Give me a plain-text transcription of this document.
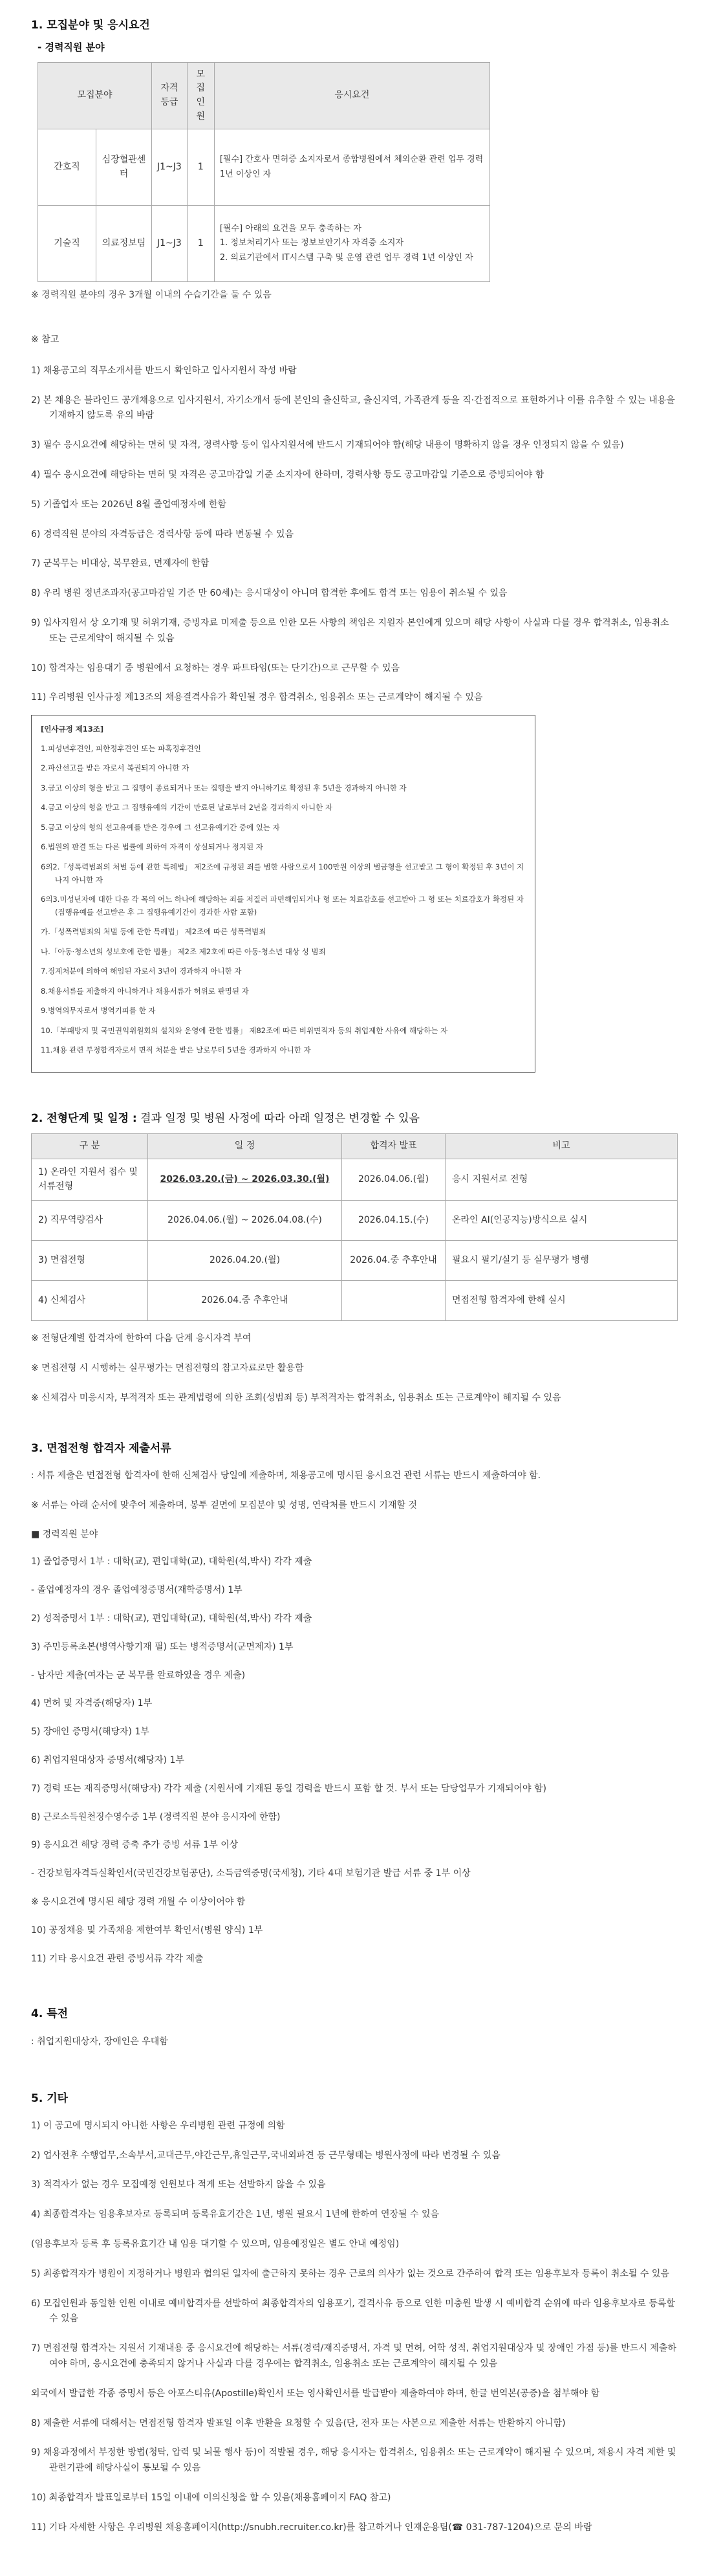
1. 모집분야 및 응시요건
- 경력직원 분야
모집분야		자격등급	모집인원	응시요건
간호직	심장혈관센터	J1~J3	1	[필수] 간호사 면허증 소지자로서 종합병원에서 체외순환 관련 업무 경력 1년 이상인 자
기술직	의료정보팀	J1~J3	1	[필수] 아래의 요건을 모두 충족하는 자
1. 정보처리기사 또는 정보보안기사 자격증 소지자
2. 의료기관에서 IT시스템 구축 및 운영 관련 업무 경력 1년 이상인 자
※ 경력직원 분야의 경우 3개월 이내의 수습기간을 둘 수 있음
※ 참고
1) 채용공고의 직무소개서를 반드시 확인하고 입사지원서 작성 바람
2) 본 채용은 블라인드 공개채용으로 입사지원서, 자기소개서 등에 본인의 출신학교, 출신지역, 가족관계 등을 직·간접적으로 표현하거나 이를 유추할 수 있는 내용을 기재하지 않도록 유의 바람
3) 필수 응시요건에 해당하는 면허 및 자격, 경력사항 등이 입사지원서에 반드시 기재되어야 함(해당 내용이 명확하지 않을 경우 인정되지 않을 수 있음)
4) 필수 응시요건에 해당하는 면허 및 자격은 공고마감일 기준 소지자에 한하며, 경력사항 등도 공고마감일 기준으로 증빙되어야 함
5) 기졸업자 또는 2026년 8월 졸업예정자에 한함
6) 경력직원 분야의 자격등급은 경력사항 등에 따라 변동될 수 있음
7) 군복무는 비대상, 복무완료, 면제자에 한함
8) 우리 병원 정년조과자(공고마감일 기준 만 60세)는 응시대상이 아니며 합격한 후에도 합격 또는 임용이 취소될 수 있음
9) 입사지원서 상 오기재 및 허위기재, 증빙자료 미제출 등으로 인한 모든 사항의 책임은 지원자 본인에게 있으며 해당 사항이 사실과 다를 경우 합격취소, 임용취소 또는 근로계약이 해지될 수 있음
10) 합격자는 임용대기 중 병원에서 요청하는 경우 파트타임(또는 단기간)으로 근무할 수 있음
11) 우리병원 인사규정 제13조의 채용결격사유가 확인될 경우 합격취소, 임용취소 또는 근로계약이 해지될 수 있음
[인사규정 제13조]
1.피성년후견인, 피한정후견인 또는 파혹정후견인
2.파산선고를 받은 자로서 복권되지 아니한 자
3.금고 이상의 형을 받고 그 집행이 종료되거나 또는 집행을 받지 아니하기로 확정된 후 5년을 경과하지 아니한 자
4.금고 이상의 형을 받고 그 집행유예의 기간이 만료된 날로부터 2년을 경과하지 아니한 자
5.금고 이상의 형의 선고유예를 받은 경우에 그 선고유예기간 중에 있는 자
6.법원의 판결 또는 다른 법률에 의하여 자격이 상실되거나 정지된 자
6의2.「성폭력범죄의 처벌 등에 관한 특례법」 제2조에 규정된 죄를 범한 사람으로서 100만원 이상의 벌금형을 선고받고 그 형이 확정된 후 3년이 지나지 아니한 자
6의3.미성년자에 대한 다음 각 목의 어느 하나에 해당하는 죄를 저질러 파면해임되거나 형 또는 치료감호를 선고받아 그 형 또는 치료감호가 확정된 자(집행유예를 선고받은 후 그 집행유예기간이 경과한 사람 포함)
가.「성폭력범죄의 처벌 등에 관한 특례법」 제2조에 따른 성폭력범죄
나.「아동·청소년의 성보호에 관한 법률」 제2조 제2호에 따른 아동·청소년 대상 성 범죄
7.징계처분에 의하여 해임된 자로서 3년이 경과하지 아니한 자
8.채용서류를 제출하지 아니하거나 채용서류가 허위로 판명된 자
9.병역의무자로서 병역기피를 한 자
10.「부패방지 및 국민권익위원회의 설치와 운영에 관한 법률」 제82조에 따른 비위면직자 등의 취업제한 사유에 해당하는 자
11.채용 관련 부정합격자로서 면직 처분을 받은 날로부터 5년을 경과하지 아니한 자
2. 전형단계 및 일정 : 결과 일정 및 병원 사정에 따라 아래 일정은 변경할 수 있음
구 분	일 정	합격자 발표	비고
1) 온라인 지원서 접수 및 서류전형	2026.03.20.(금) ~ 2026.03.30.(월)	2026.04.06.(월)	응시 지원서로 전형
2) 직무역량검사	2026.04.06.(월) ~ 2026.04.08.(수)	2026.04.15.(수)	온라인 AI(인공지능)방식으로 실시
3) 면접전형	2026.04.20.(월)	2026.04.중 추후안내	필요시 필기/실기 등 실무평가 병행
4) 신체검사	2026.04.중 추후안내		면접전형 합격자에 한해 실시
※ 전형단계별 합격자에 한하여 다음 단계 응시자격 부여
※ 면접전형 시 시행하는 실무평가는 면접전형의 참고자료로만 활용함
※ 신체검사 미응시자, 부적격자 또는 관계법령에 의한 조회(성범죄 등) 부적격자는 합격취소, 임용취소 또는 근로계약이 해지될 수 있음
3. 면접전형 합격자 제출서류
: 서류 제출은 면접전형 합격자에 한해 신체검사 당일에 제출하며, 채용공고에 명시된 응시요건 관련 서류는 반드시 제출하여야 함.
※ 서류는 아래 순서에 맞추어 제출하며, 봉투 겉면에 모집분야 및 성명, 연락처를 반드시 기재할 것
■ 경력직원 분야
1) 졸업증명서 1부 : 대학(교), 편입대학(교), 대학원(석,박사) 각각 제출
- 졸업예정자의 경우 졸업예정증명서(재학증명서) 1부
2) 성적증명서 1부 : 대학(교), 편입대학(교), 대학원(석,박사) 각각 제출
3) 주민등록초본(병역사항기재 필) 또는 병적증명서(군면제자) 1부
- 남자만 제출(여자는 군 복무를 완료하였을 경우 제출)
4) 면허 및 자격증(해당자) 1부
5) 장애인 증명서(해당자) 1부
6) 취업지원대상자 증명서(해당자) 1부
7) 경력 또는 재직증명서(해당자) 각각 제출 (지원서에 기재된 동일 경력을 반드시 포함 할 것. 부서 또는 담당업무가 기재되어야 함)
8) 근로소득원천징수영수증 1부 (경력직원 분야 응시자에 한함)
9) 응시요건 해당 경력 증축 추가 증빙 서류 1부 이상
- 건강보험자격득실확인서(국민건강보험공단), 소득금액증명(국세청), 기타 4대 보험기관 발급 서류 중 1부 이상
※ 응시요건에 명시된 해당 경력 개월 수 이상이어야 함
10) 공정채용 및 가족채용 제한여부 확인서(병원 양식) 1부
11) 기타 응시요건 관련 증빙서류 각각 제출
4. 특전
: 취업지원대상자, 장애인은 우대함
5. 기타
1) 이 공고에 명시되지 아니한 사항은 우리병원 관련 규정에 의함
2) 업사전후 수행업무,소속부서,교대근무,야간근무,휴일근무,국내외파견 등 근무형태는 병원사정에 따라 변경될 수 있음
3) 적격자가 없는 경우 모집예정 인원보다 적게 또는 선발하지 않을 수 있음
4) 최종합격자는 임용후보자로 등록되며 등록유효기간은 1년, 병원 필요시 1년에 한하여 연장될 수 있음
(임용후보자 등록 후 등록유효기간 내 임용 대기할 수 있으며, 임용예정일은 별도 안내 예정임)
5) 최종합격자가 병원이 지정하거나 병원과 협의된 일자에 출근하지 못하는 경우 근로의 의사가 없는 것으로 간주하여 합격 또는 임용후보자 등록이 취소될 수 있음
6) 모집인원과 동일한 인원 이내로 예비합격자를 선발하여 최종합격자의 임용포기, 결격사유 등으로 인한 미충원 발생 시 예비합격 순위에 따라 임용후보자로 등록할 수 있음
7) 면접전형 합격자는 지원서 기재내용 중 응시요건에 해당하는 서류(경력/재직증명서, 자격 및 면허, 어학 성적, 취업지원대상자 및 장애인 가점 등)를 반드시 제출하여야 하며, 응시요건에 충족되지 않거나 사실과 다를 경우에는 합격취소, 임용취소 또는 근로계약이 해지될 수 있음
외국에서 발급한 각종 증명서 등은 아포스티유(Apostille)확인서 또는 영사확인서를 발급받아 제출하여야 하며, 한글 번역본(공증)을 첨부해야 함
8) 제출한 서류에 대해서는 면접전형 합격자 발표일 이후 반환을 요청할 수 있음(단, 전자 또는 사본으로 제출한 서류는 반환하지 아니함)
9) 채용과정에서 부정한 방법(청탁, 압력 및 뇌물 행사 등)이 적발될 경우, 해당 응시자는 합격취소, 임용취소 또는 근로계약이 해지될 수 있으며, 채용시 자격 제한 및 관련기관에 해당사실이 통보될 수 있음
10) 최종합격자 발표일로부터 15일 이내에 이의신청을 할 수 있음(채용홈페이지 FAQ 참고)
11) 기타 자세한 사항은 우리병원 채용홈페이지(http://snubh.recruiter.co.kr)를 참고하거나 인재운용팀(☎ 031-787-1204)으로 문의 바람
